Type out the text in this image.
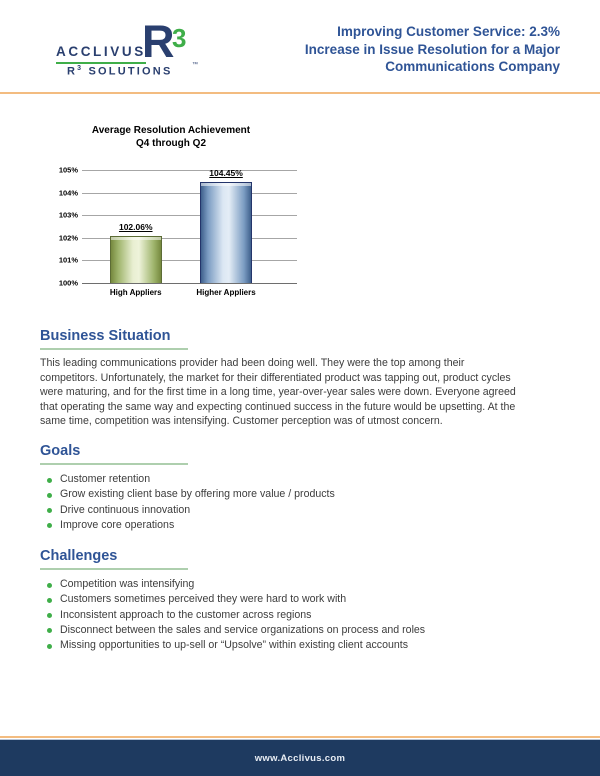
ACCLIVUS
R
3
$R^3$ SOLUTIONS
™
Improving Customer Service: 2.3%
Increase in Issue Resolution for a Major
Communications Company
Average Resolution Achievement
Q4 through Q2
100%
101%
102%
103%
104%
105%
102.06%
High Appliers
104.45%
Higher Appliers
Business Situation
This leading communications provider had been doing well. They were the top among their competitors. Unfortunately, the market for their differentiated product was tapping out, product cycles were maturing, and for the first time in a long time, year-over-year sales were down. Everyone agreed that operating the same way and expecting continued success in the future would be upsetting. At the same time, competition was intensifying. Customer perception was of utmost concern.
Goals
Customer retention
Grow existing client base by offering more value / products
Drive continuous innovation
Improve core operations
Challenges
Competition was intensifying
Customers sometimes perceived they were hard to work with
Inconsistent approach to the customer across regions
Disconnect between the sales and service organizations on process and roles
Missing opportunities to up-sell or “Upsolve” within existing client accounts
www.Acclivus.com
